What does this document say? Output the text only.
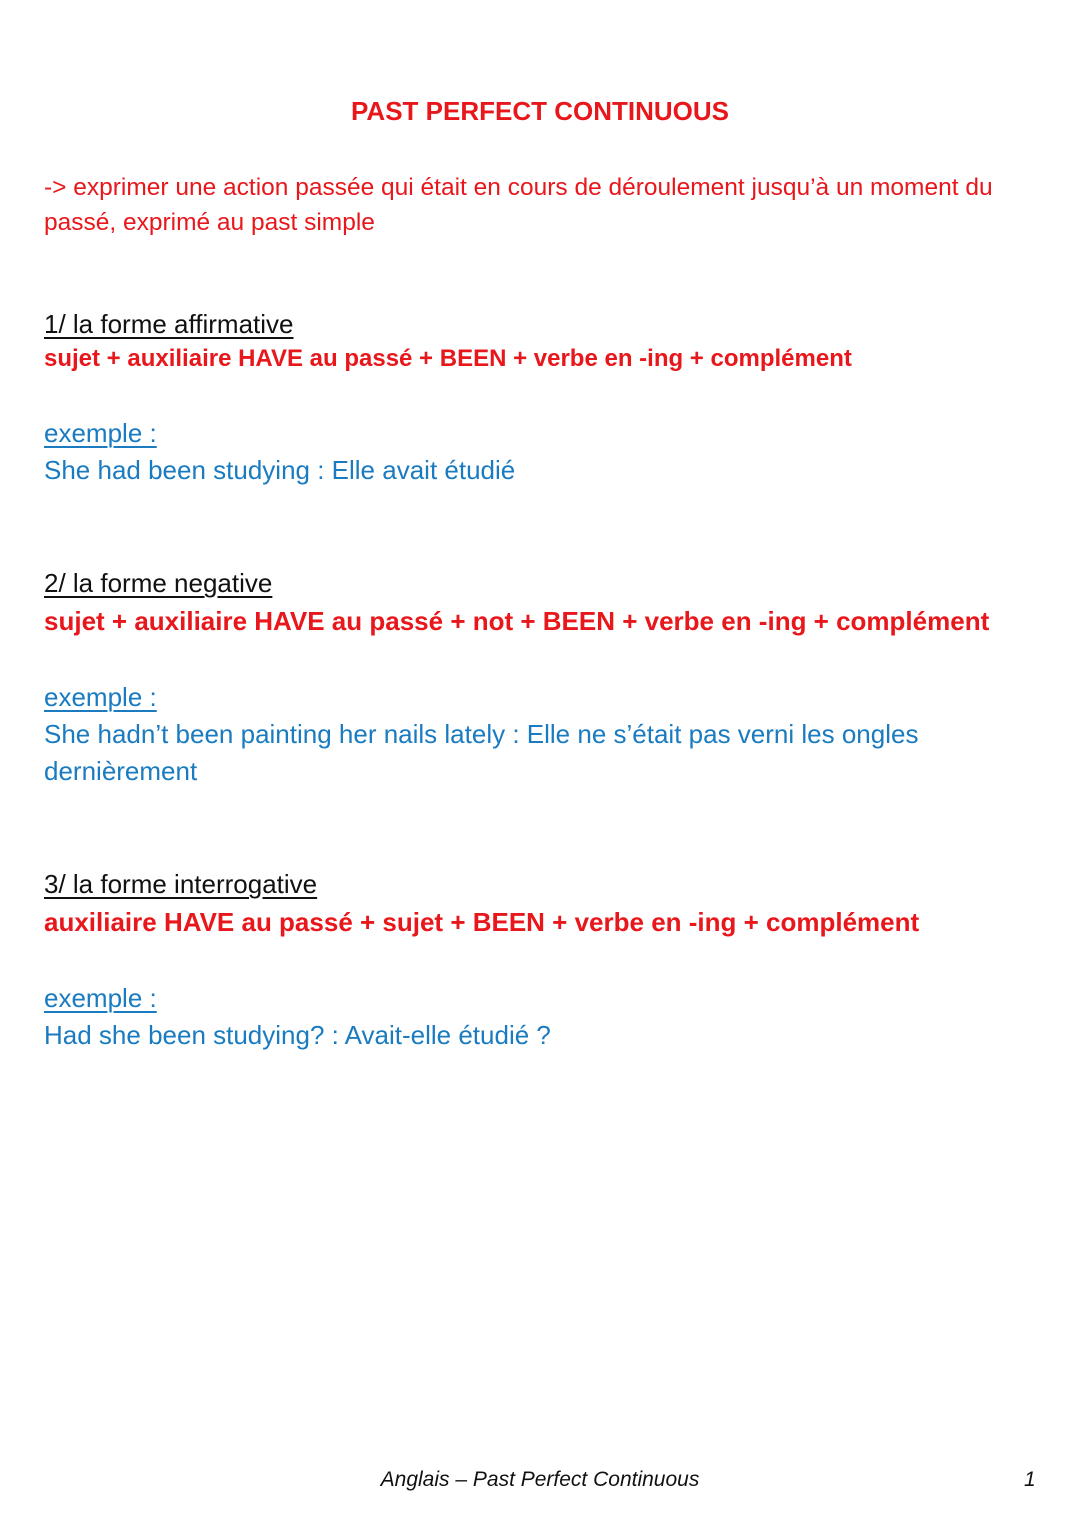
PAST PERFECT CONTINUOUS
-> exprimer une action passée qui était en cours de déroulement jusqu’à un moment du passé, exprimé au past simple
1/ la forme affirmative
sujet + auxiliaire HAVE au passé + BEEN + verbe en -ing + complément
exemple :
She had been studying : Elle avait étudié
2/ la forme negative
sujet + auxiliaire HAVE au passé + not + BEEN + verbe en -ing + complément
exemple :
She hadn’t been painting her nails lately : Elle ne s’était pas verni les ongles dernièrement
3/ la forme interrogative
auxiliaire HAVE au passé + sujet + BEEN + verbe en -ing + complément
exemple :
Had she been studying? : Avait-elle étudié ?
Anglais – Past Perfect Continuous	1
